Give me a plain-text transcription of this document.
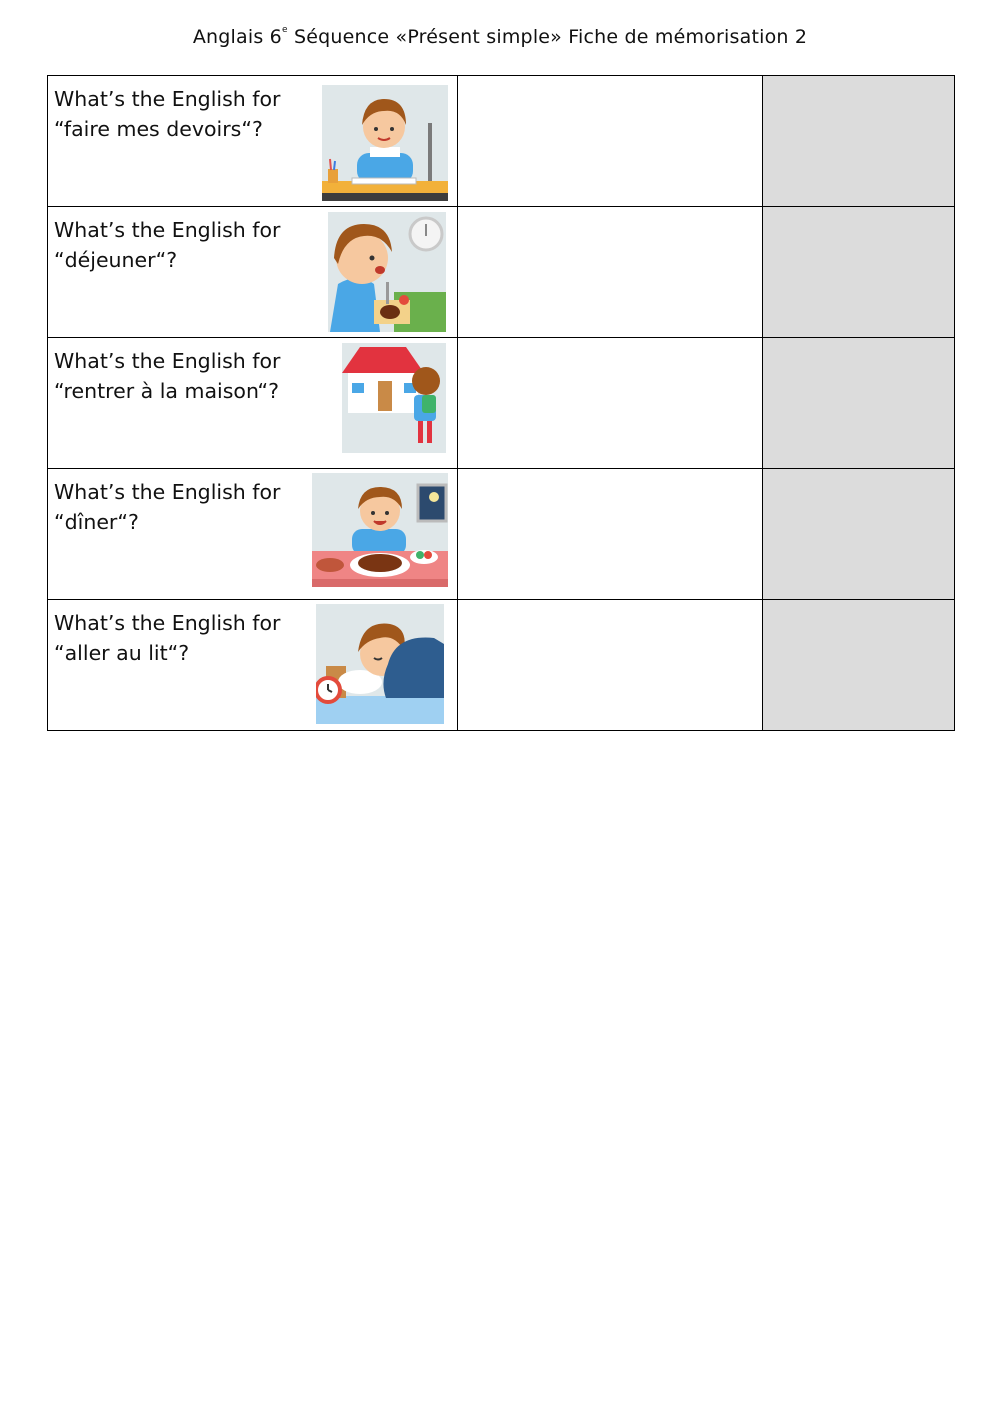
Anglais 6e Séquence «Présent simple» Fiche de mémorisation 2
What’s the English for
“faire mes devoirs“?		

What’s the English for
“déjeuner“?		

What’s the English for
“rentrer à la maison“?		

What’s the English for
“dîner“?		

What’s the English for
“aller au lit“?		
